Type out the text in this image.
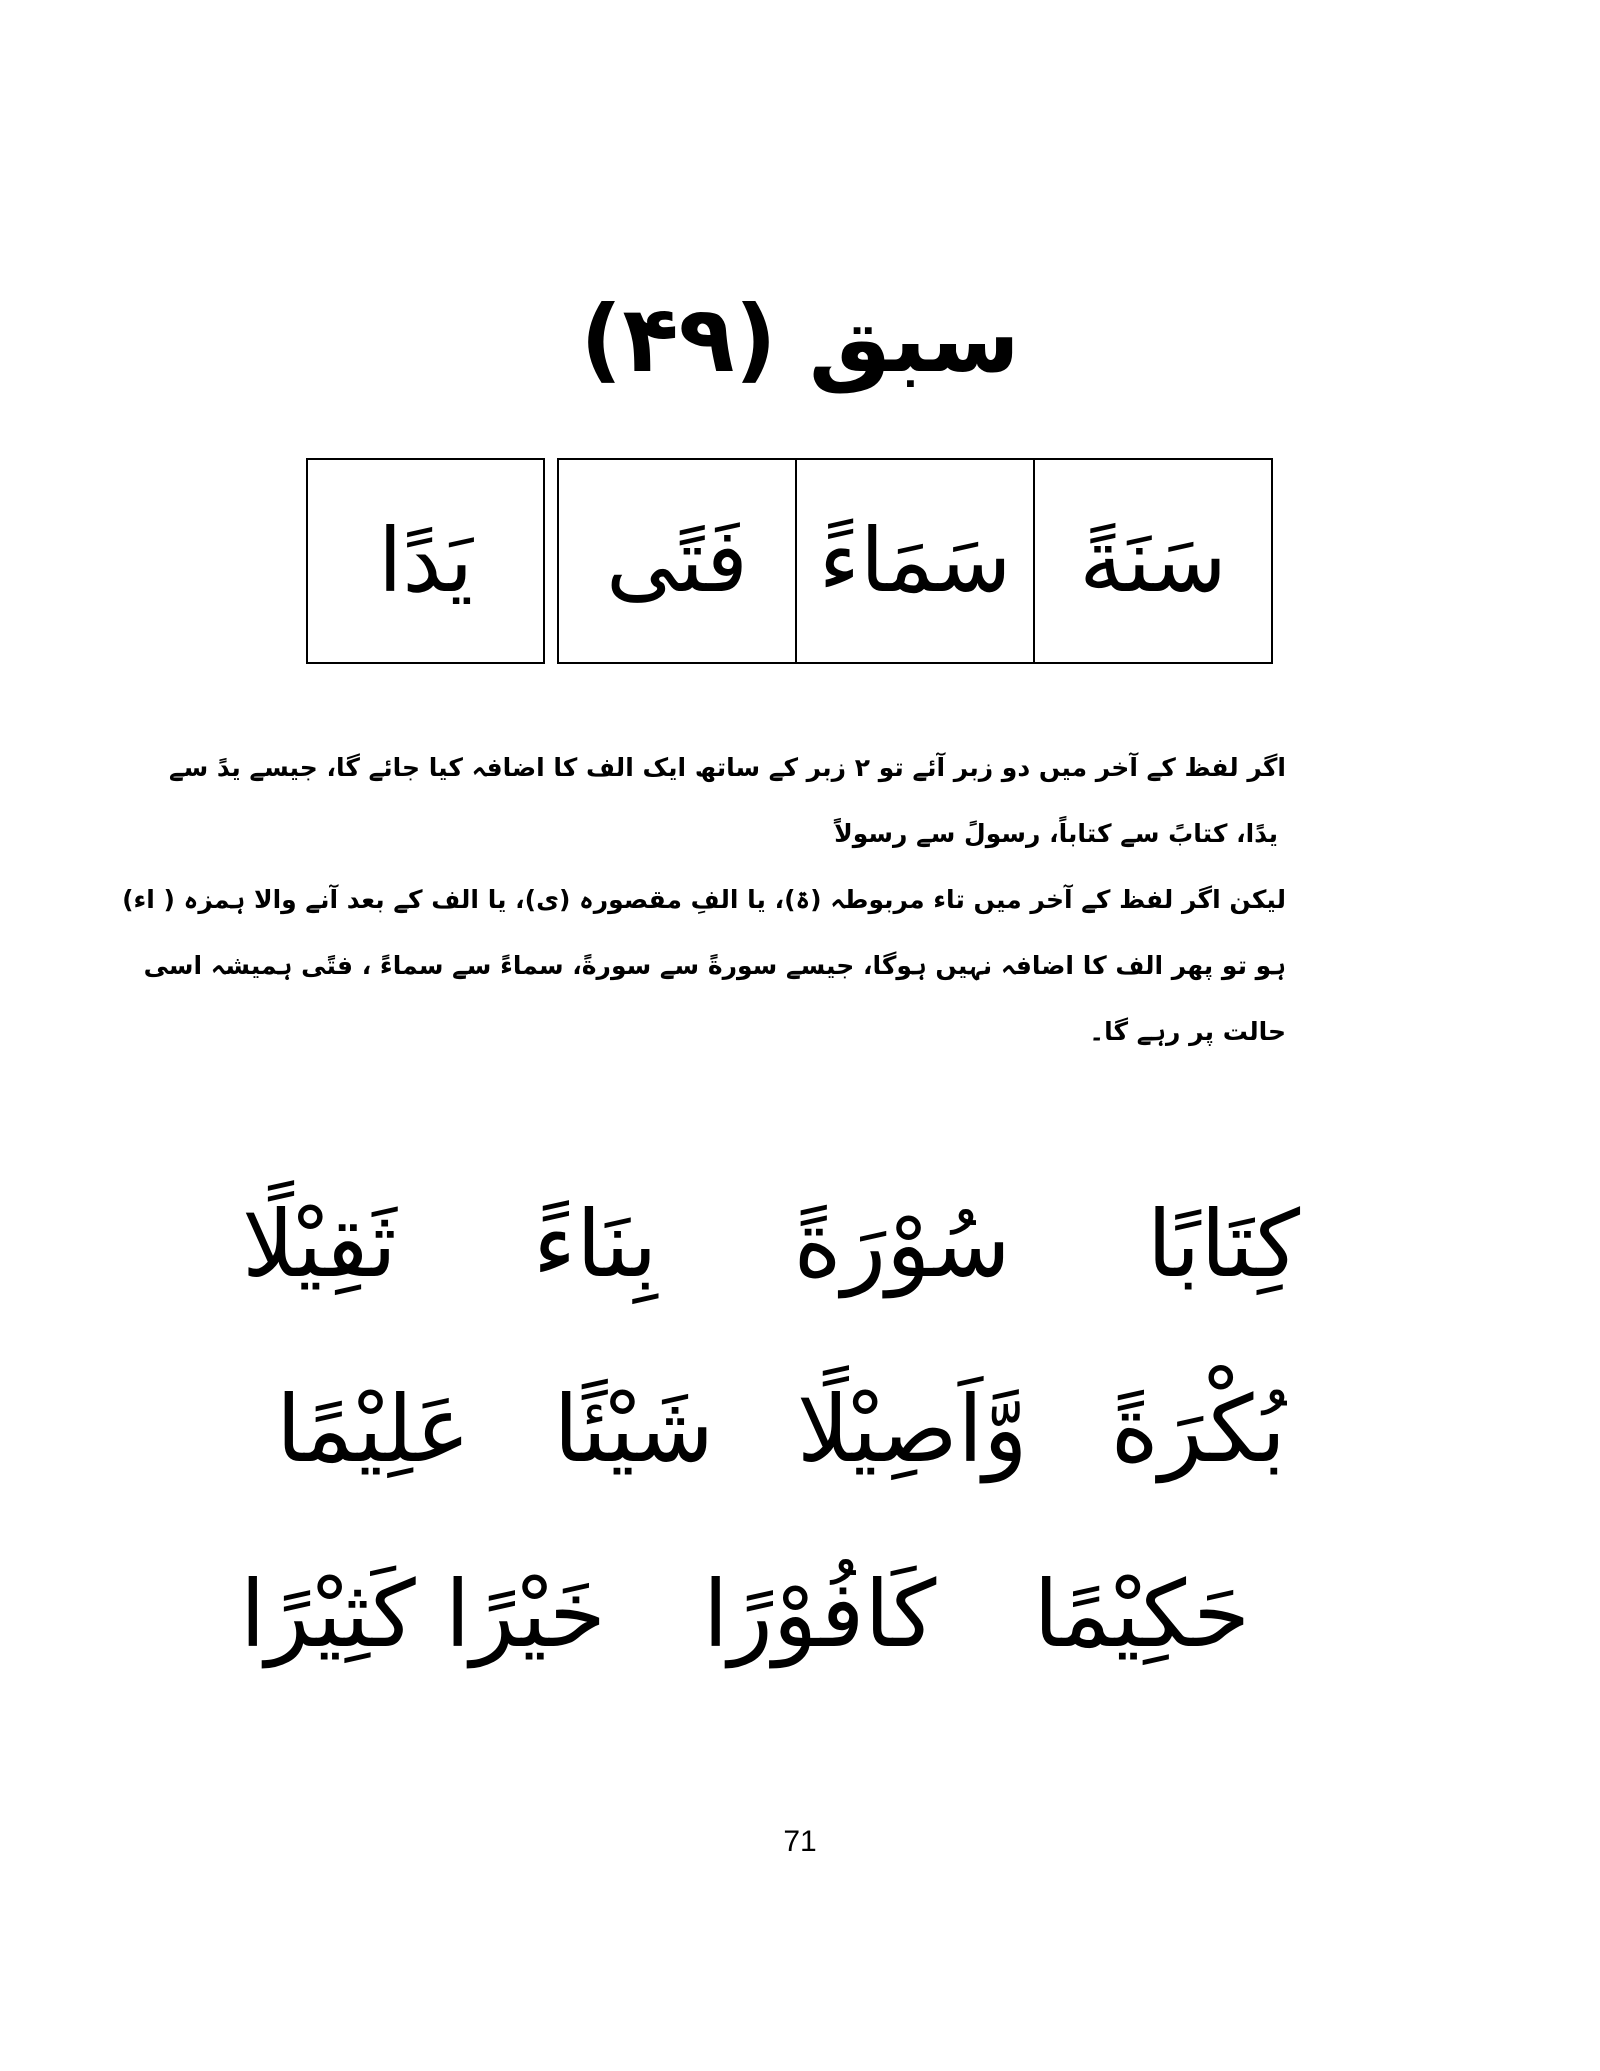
سبق (۴۹)
سَنَةً
سَمَاءً
فَتًى
يَدًا
اگر لفظ کے آخر میں دو زبر آئے تو ۲ زبر کے ساتھ ایک الف کا اضافہ کیا جائے گا، جیسے یدً سے
یدًا، کتابً سے کتاباً، رسولً سے رسولاً
لیکن اگر لفظ کے آخر میں تاء مربوطہ (ۃ)، یا الفِ مقصورہ (ی)، یا الف کے بعد آنے والا ہمزہ ( اء)
ہو تو پھر الف کا اضافہ نہیں ہوگا، جیسے سورةً سے سورةً، سماءً سے سماءً ، فتًى ہمیشہ اسی
حالت پر رہے گا۔
كِتَابًا
سُوْرَةً
بِنَاءً
ثَقِيْلًا
بُكْرَةً
وَّاَصِيْلًا
شَيْئًا
عَلِيْمًا
حَكِيْمًا
كَافُوْرًا
خَيْرًا كَثِيْرًا
71
